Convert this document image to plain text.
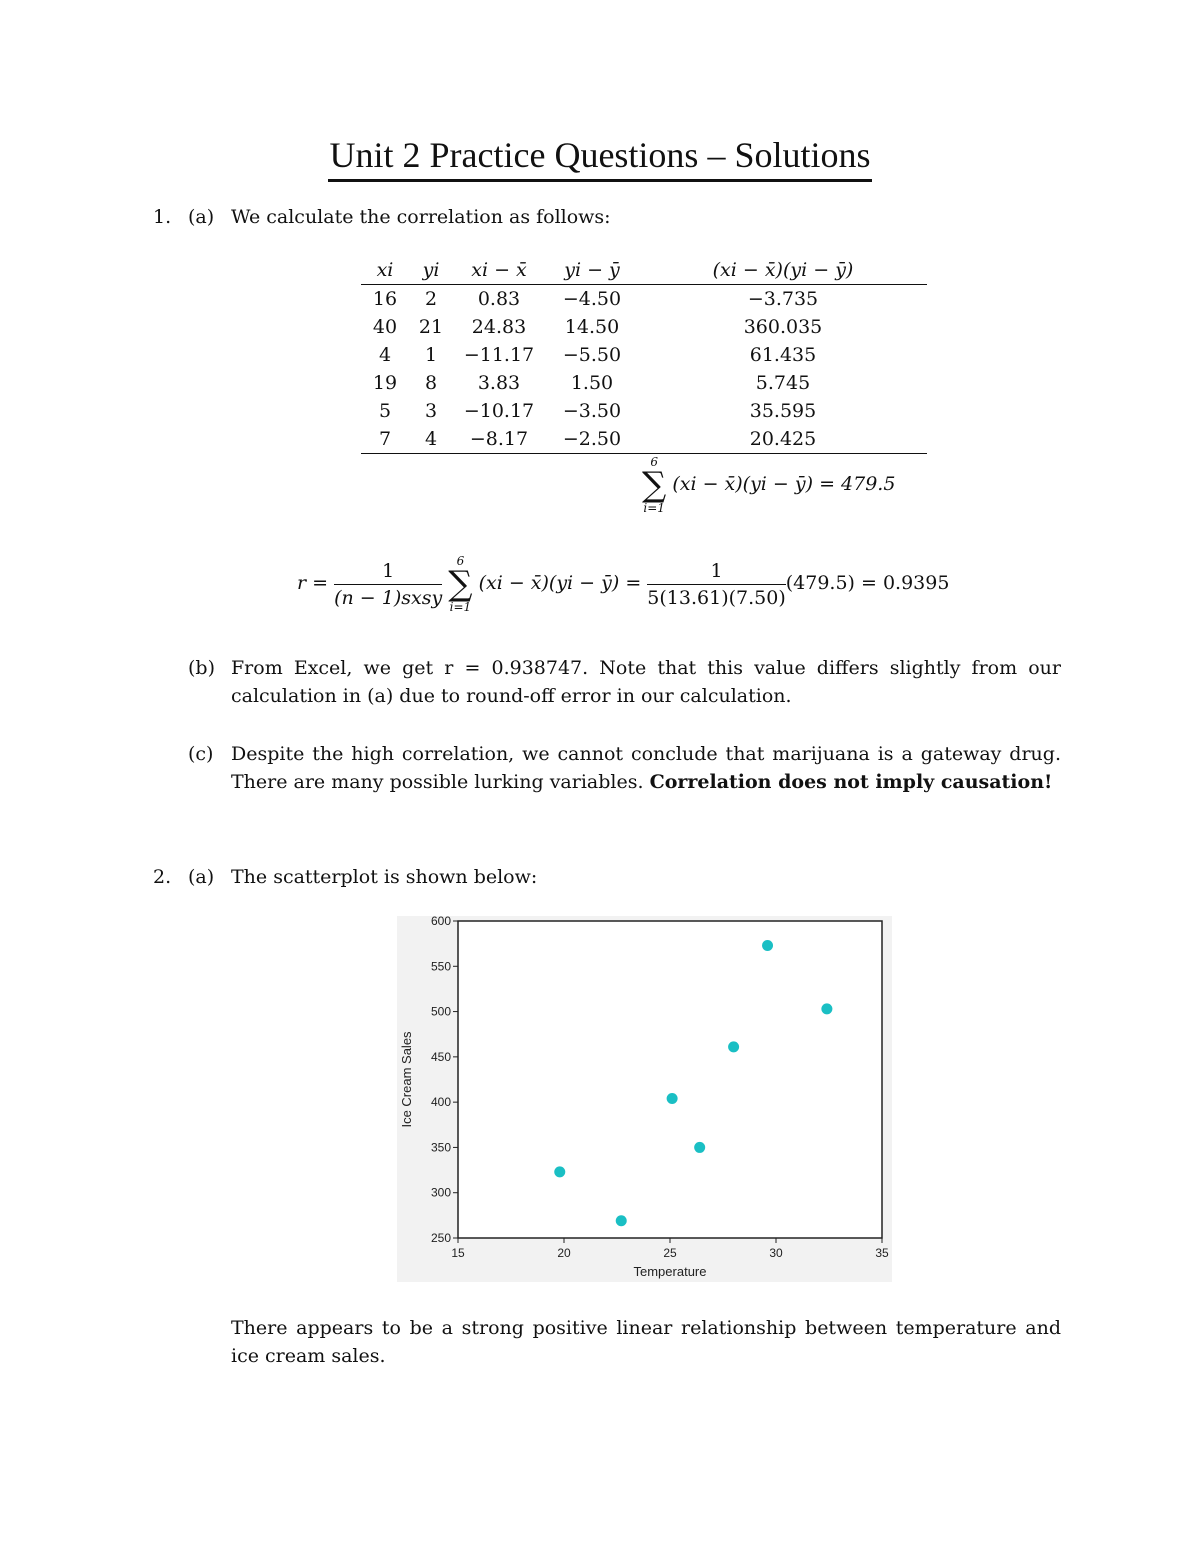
Unit 2 Practice Questions – Solutions
1. (a) We calculate the correlation as follows:
xi	yi	xi − x̄	yi − ȳ	(xi − x̄)(yi − ȳ)
16	2	0.83	−4.50	−3.735
40	21	24.83	14.50	360.035
4	1	−11.17	−5.50	61.435
19	8	3.83	1.50	5.745
5	3	−10.17	−3.50	35.595
7	4	−8.17	−2.50	20.425
6
∑
i=1
(xi − x̄)(yi − ȳ) = 479.5
$r = \frac{1}{\text{(n − 1)sxsy}}$
	6
∑
i=1
(xi − x̄)(yi − ȳ) = $\frac{1}{5(13.61)(7.50)} (479.5) = 0.9395$
(b) From Excel, we get r = 0.938747. Note that this value differs slightly from our calculation in (a) due to round-off error in our calculation.
(c) Despite the high correlation, we cannot conclude that marijuana is a gateway drug. There are many possible lurking variables. Correlation does not imply causation!
2. (a) The scatterplot is shown below:
15	20	25	30	35
250
300
350
400
450
500
550
600
Temperature
Ice Cream Sales
There appears to be a strong positive linear relationship between temperature and ice cream sales.
